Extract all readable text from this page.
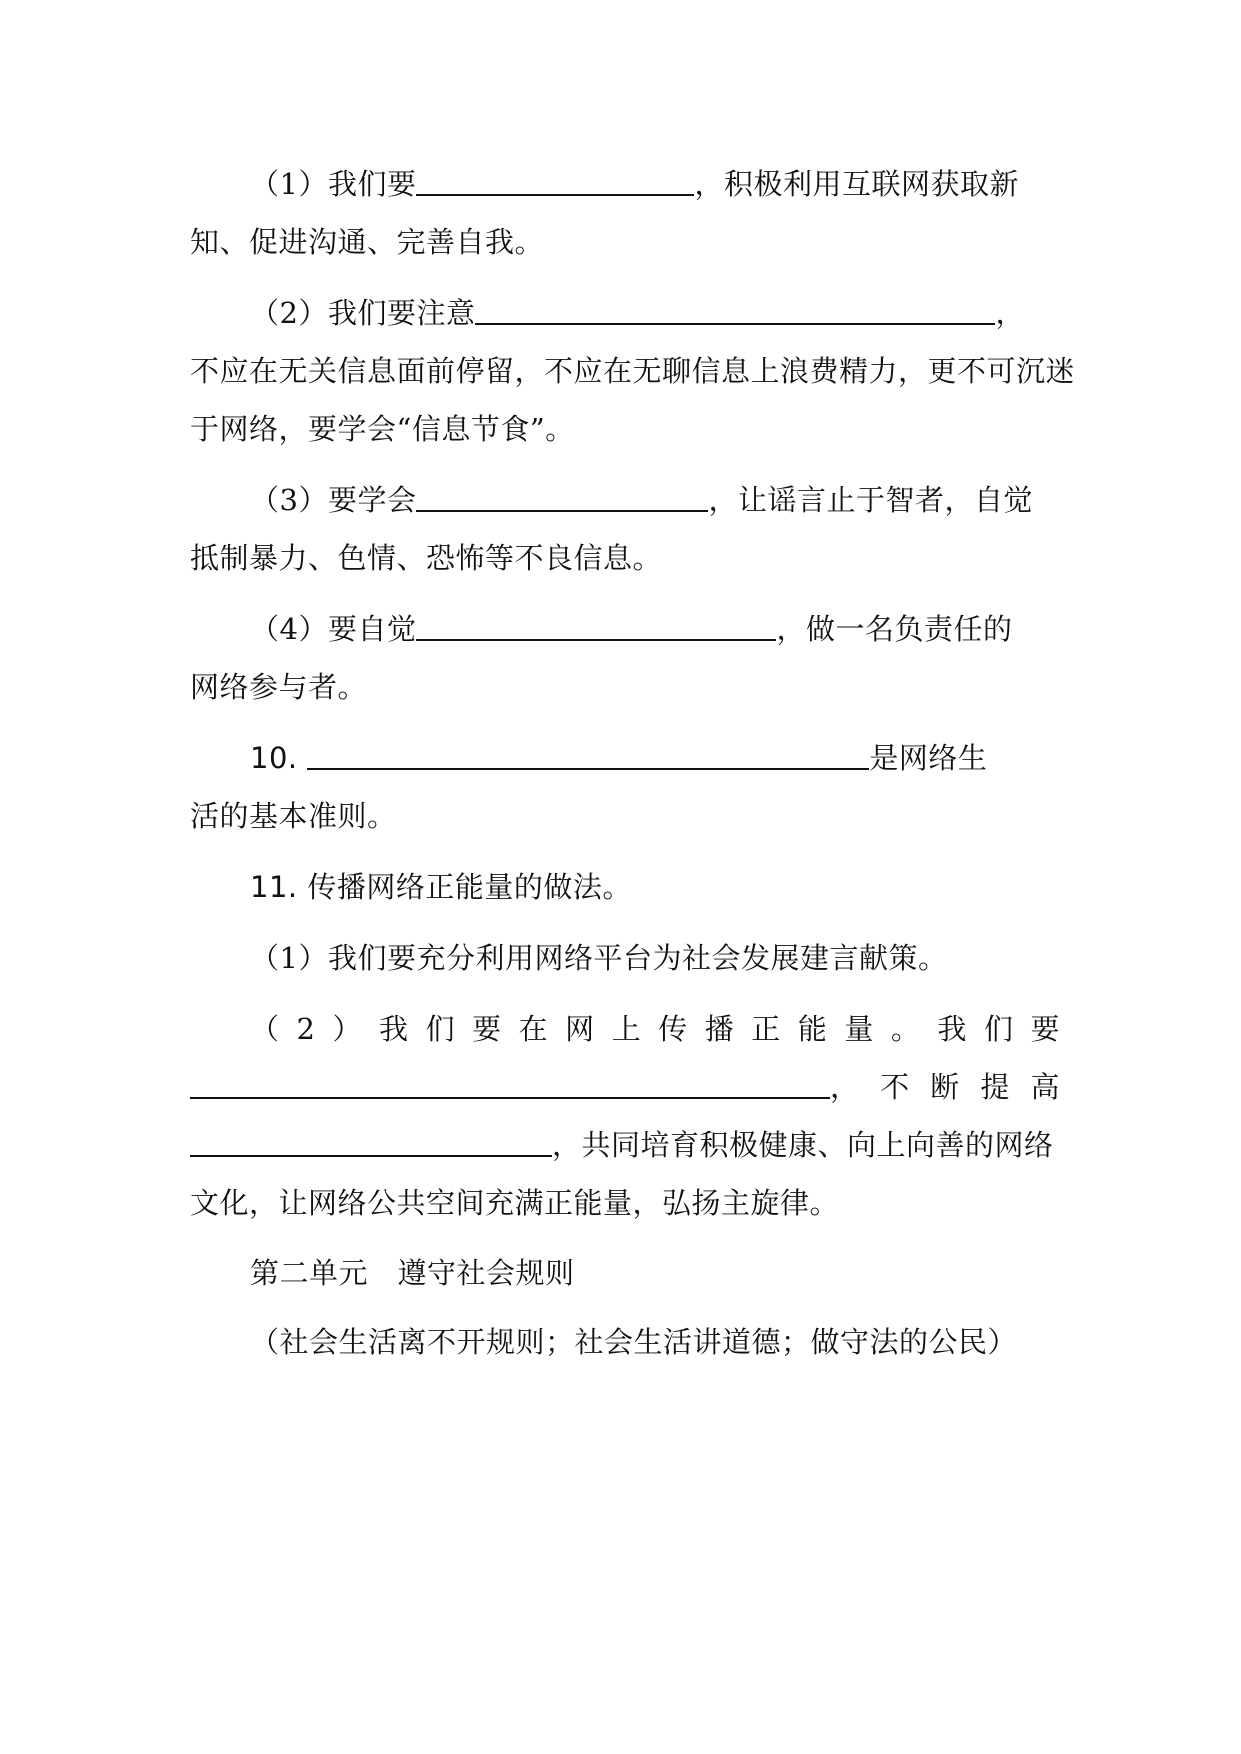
（1）我们要	，积极利用互联网获取新
知、促进沟通、完善自我。
（2）我们要注意	，
不应在无关信息面前停留，不应在无聊信息上浪费精力，更不可沉迷
于网络，要学会“信息节食”。
（3）要学会	，让谣言止于智者，自觉
抵制暴力、色情、恐怖等不良信息。
（4）要自觉	，做一名负责任的
网络参与者。
10.	是网络生
活的基本准则。
11. 传播网络正能量的做法。
（1）我们要充分利用网络平台为社会发展建言献策。
（ 2 ） 我 们 要 在 网 上 传 播 正 能 量 。 我 们 要
， 不 断 提 高
，共同培育积极健康、向上向善的网络
文化，让网络公共空间充满正能量，弘扬主旋律。
第二单元　遵守社会规则
（社会生活离不开规则；社会生活讲道德；做守法的公民）
